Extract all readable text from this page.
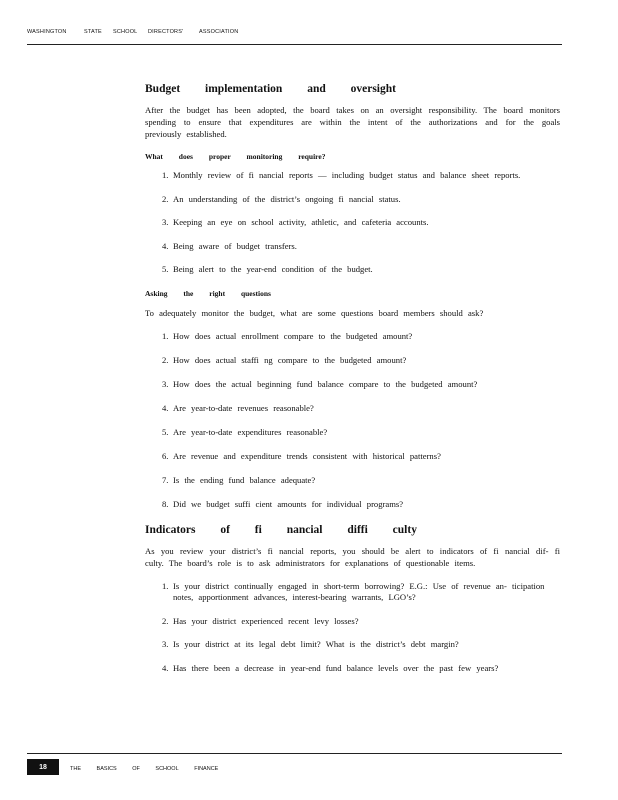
WASHINGTON	STATE SCHOOL DIRECTORS'	ASSOCIATION
Budget implementation and oversight

After the budget has been adopted, the board takes on an oversight responsibility. The board monitors spending to ensure that expenditures are within the intent of the authorizations and for the goals previously established.

What does proper monitoring require?
1. Monthly review of fi nancial reports — including budget status and balance sheet reports.
2. An understanding of the district’s ongoing fi nancial status.
3. Keeping an eye on school activity, athletic, and cafeteria accounts.
4. Being aware of budget transfers.
5. Being alert to the year-end condition of the budget.
Asking the right questions

To adequately monitor the budget, what are some questions board members should ask?

1. How does actual enrollment compare to the budgeted amount?
2. How does actual staffi ng compare to the budgeted amount?
3. How does the actual beginning fund balance compare to the budgeted amount?
4. Are year-to-date revenues reasonable?
5. Are year-to-date expenditures reasonable?
6. Are revenue and expenditure trends consistent with historical patterns?
7. Is the ending fund balance adequate?
8. Did we budget suffi cient amounts for individual programs?
Indicators of fi nancial diffi culty

As you review your district’s fi nancial reports, you should be alert to indicators of fi nancial dif- fi culty. The board’s role is to ask administrators for explanations of questionable items.

1. Is your district continually engaged in short-term borrowing? E.G.: Use of revenue an- ticipation notes, apportionment advances, interest-bearing warrants, LGO’s?
2. Has your district experienced recent levy losses?
3. Is your district at its legal debt limit? What is the district’s debt margin?
4. Has there been a decrease in year-end fund balance levels over the past few years?
18	THE	BASICS	OF	SCHOOL	FINANCE
